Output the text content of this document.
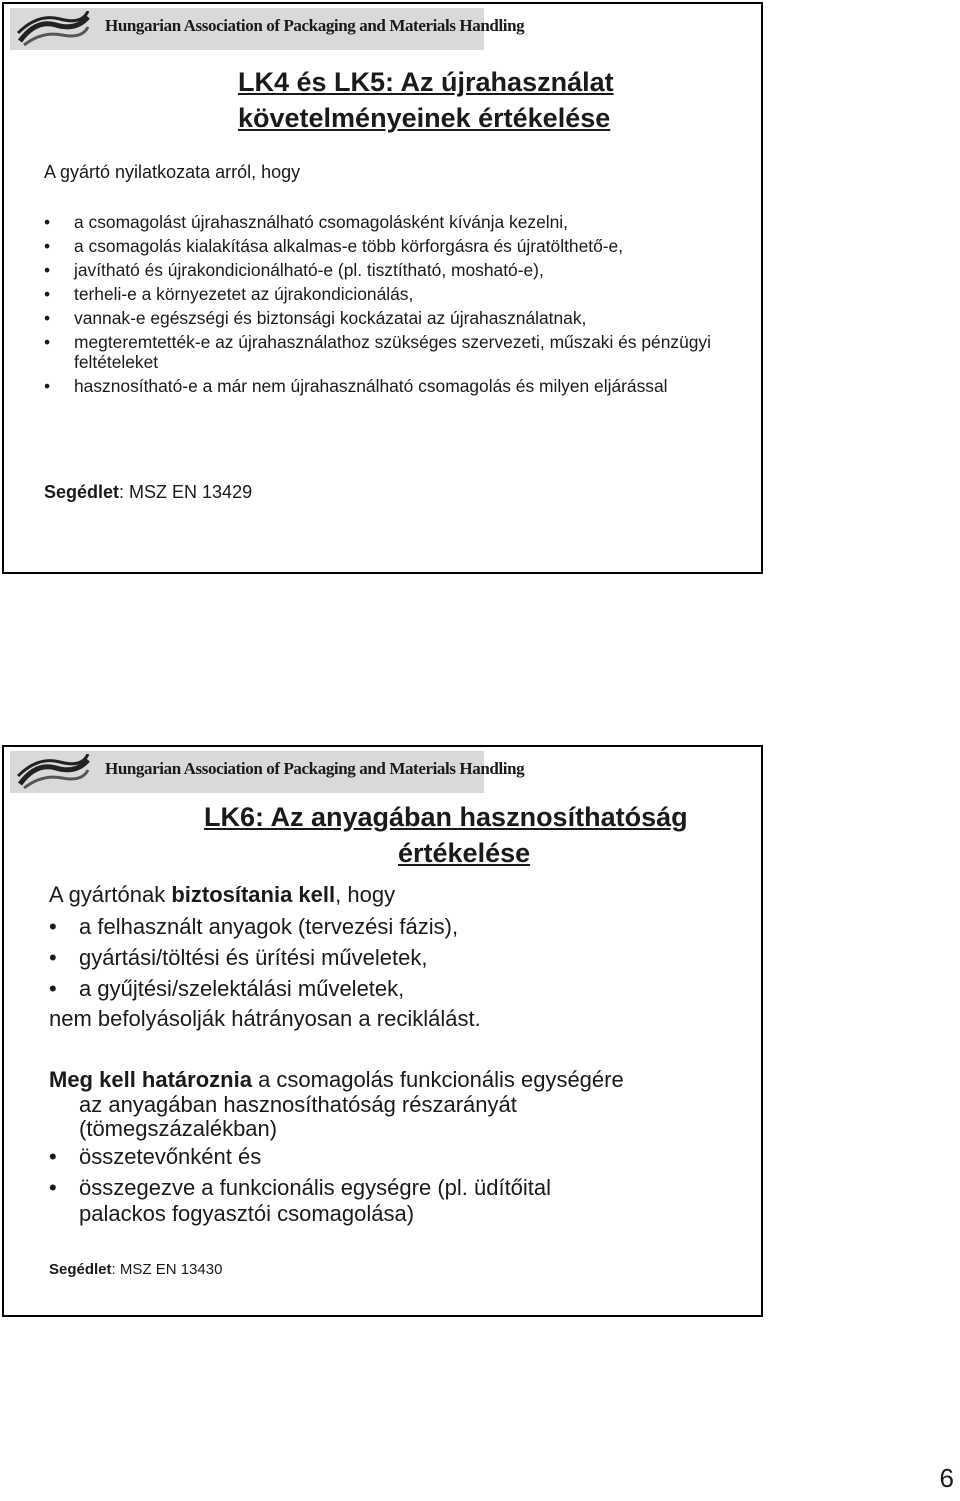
Hungarian Association of Packaging and Materials Handling
LK4 és LK5: Az újrahasználat
követelményeinek értékelése
A gyártó nyilatkozata arról, hogy
• a csomagolást újrahasználható csomagolásként kívánja kezelni,
• a csomagolás kialakítása alkalmas-e több körforgásra és újratölthető-e,
• javítható és újrakondicionálható-e (pl. tisztítható, mosható-e),
• terheli-e a környezetet az újrakondicionálás,
• vannak-e egészségi és biztonsági kockázatai az újrahasználatnak,
• megteremtették-e az újrahasználathoz szükséges szervezeti, műszaki és pénzügyi feltételeket
• hasznosítható-e a már nem újrahasználható csomagolás és milyen eljárással
Segédlet: MSZ EN 13429
Hungarian Association of Packaging and Materials Handling
LK6: Az anyagában hasznosíthatóság
értékelése
A gyártónak biztosítania kell, hogy
• a felhasznált anyagok (tervezési fázis),
• gyártási/töltési és ürítési műveletek,
• a gyűjtési/szelektálási műveletek,
nem befolyásolják hátrányosan a reciklálást.
Meg kell határoznia a csomagolás funkcionális egységére
az anyagában hasznosíthatóság részarányát
(tömegszázalékban)
• összetevőnként és
• összegezve a funkcionális egységre (pl. üdítőital palackos fogyasztói csomagolása)
Segédlet: MSZ EN 13430
6
